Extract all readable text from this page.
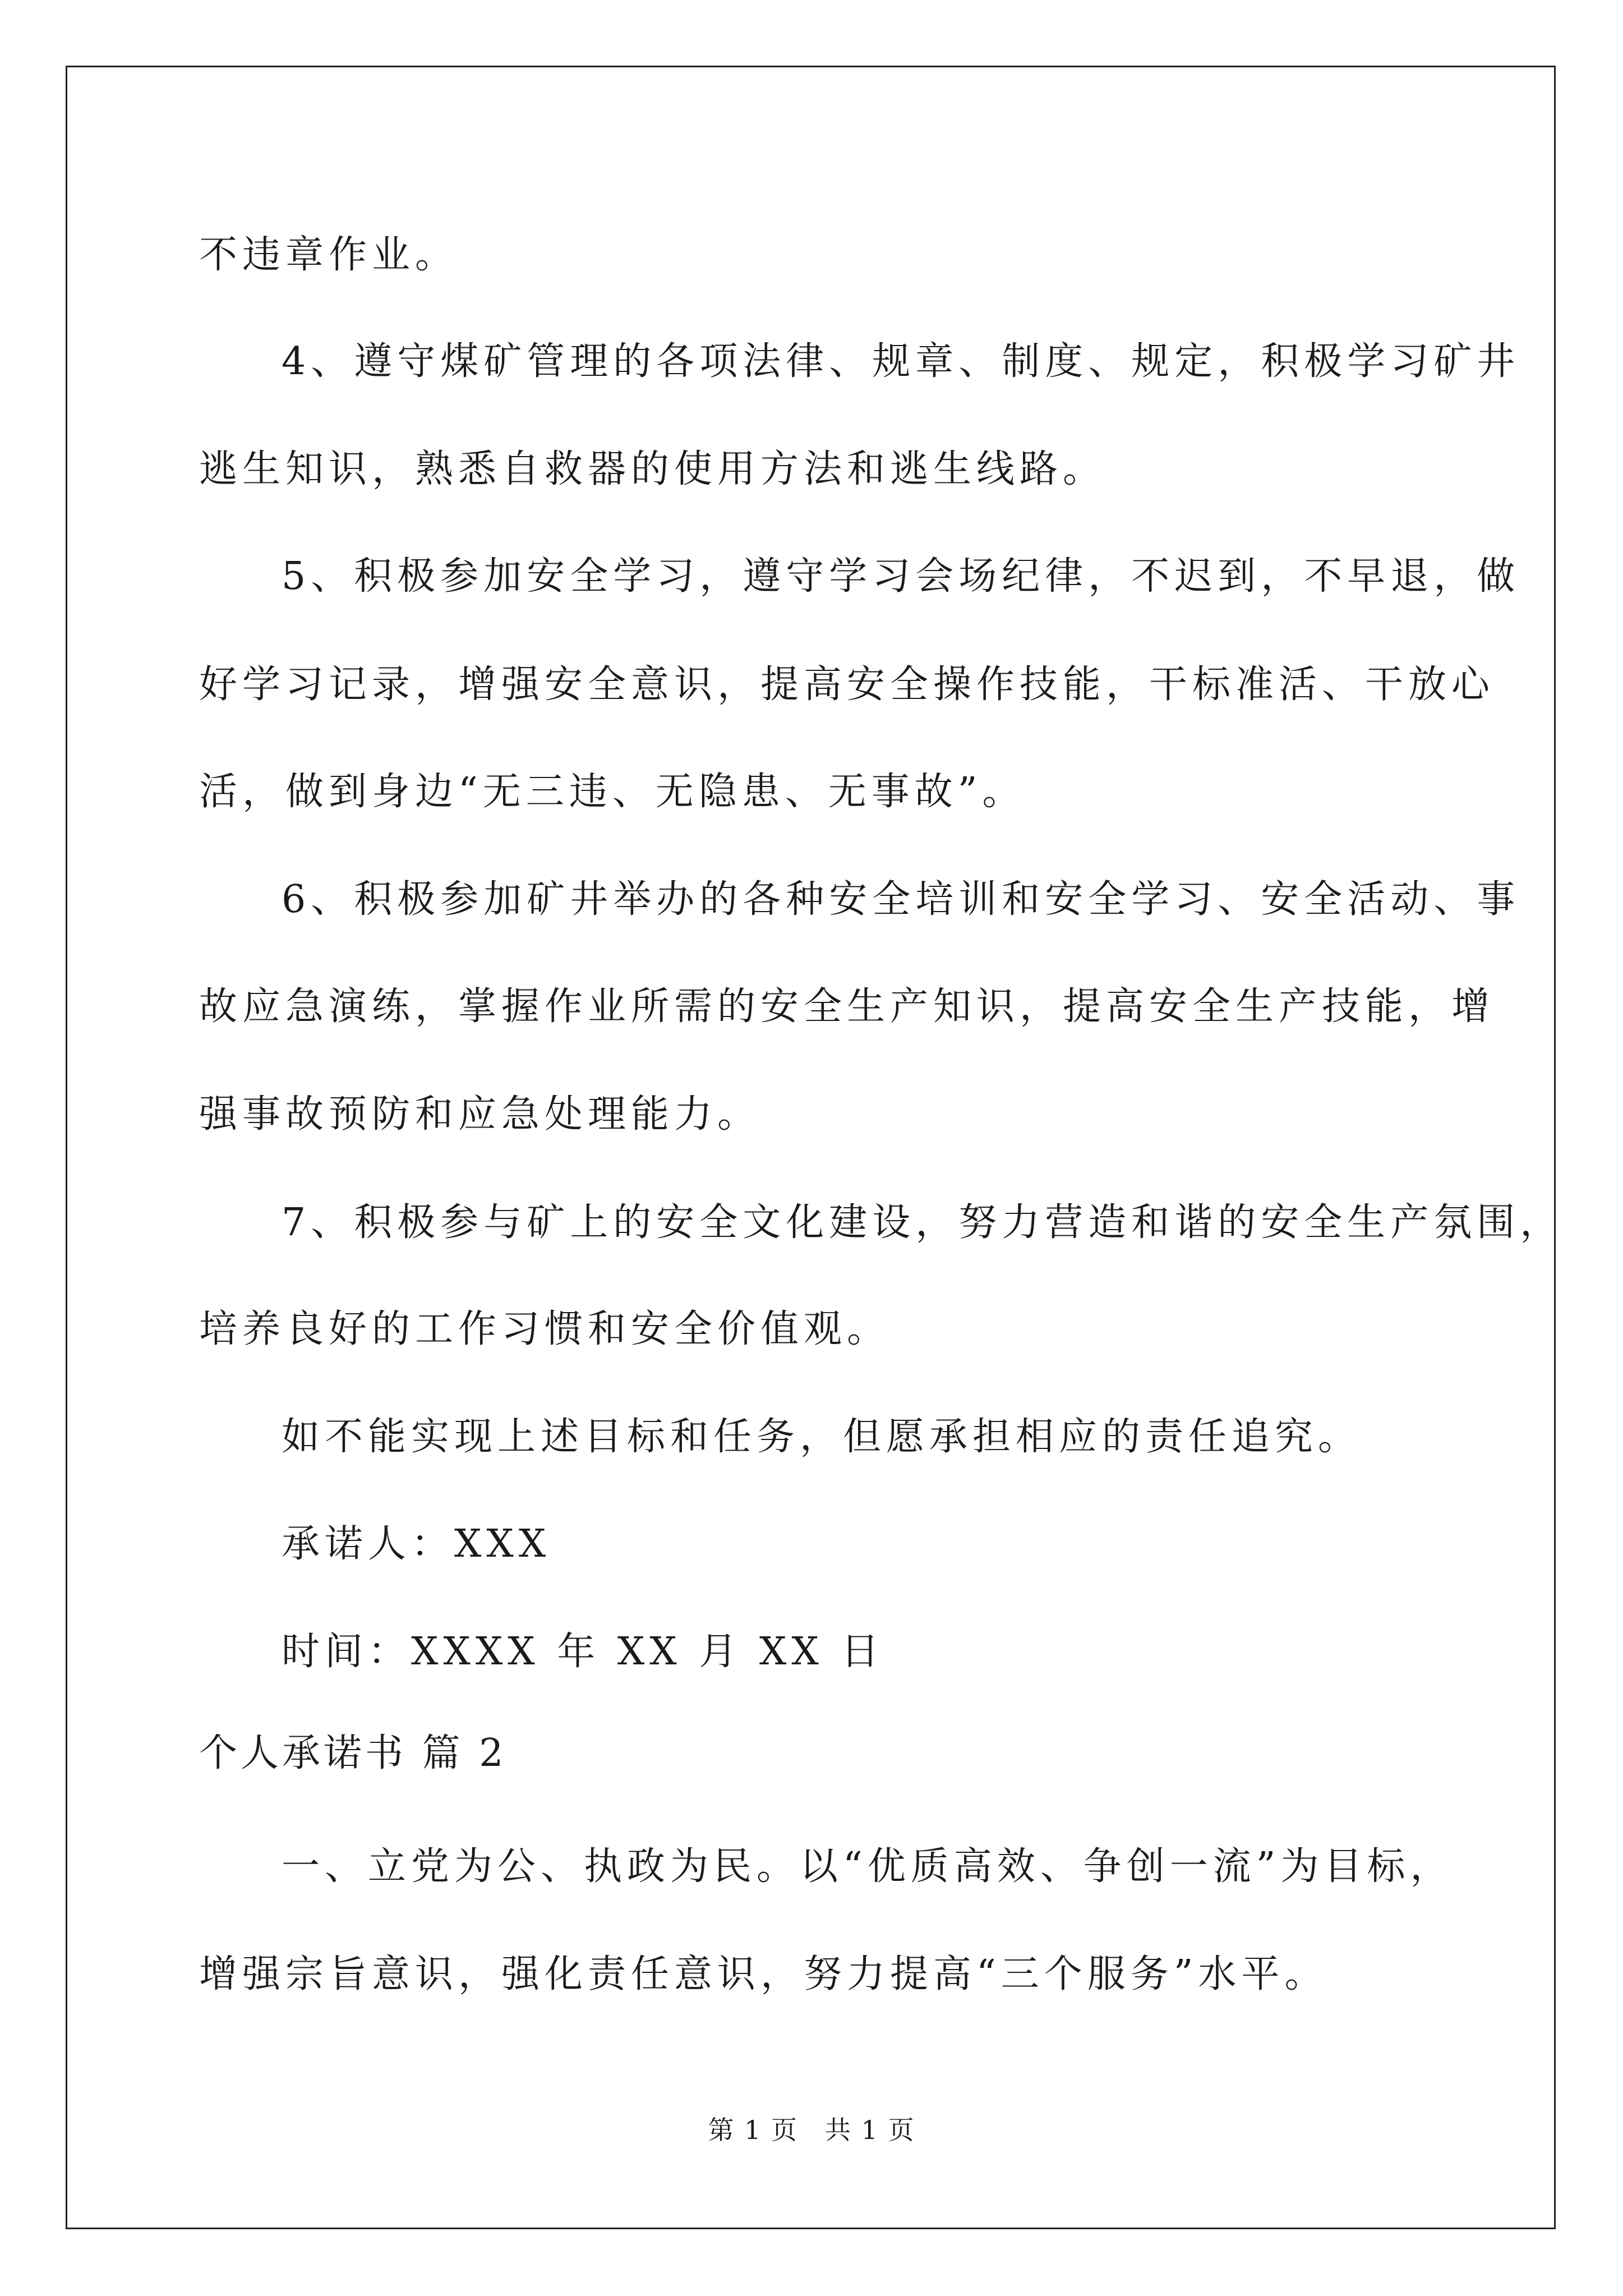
不违章作业。
4、遵守煤矿管理的各项法律、规章、制度、规定，积极学习矿井
逃生知识，熟悉自救器的使用方法和逃生线路。
5、积极参加安全学习，遵守学习会场纪律，不迟到，不早退，做
好学习记录，增强安全意识，提高安全操作技能，干标准活、干放心
活，做到身边“无三违、无隐患、无事故”。
6、积极参加矿井举办的各种安全培训和安全学习、安全活动、事
故应急演练，掌握作业所需的安全生产知识，提高安全生产技能，增
强事故预防和应急处理能力。
7、积极参与矿上的安全文化建设，努力营造和谐的安全生产氛围，
培养良好的工作习惯和安全价值观。
如不能实现上述目标和任务，但愿承担相应的责任追究。
承诺人：XXX
时间：XXXX 年 XX 月 XX 日
个人承诺书 篇 2
一、立党为公、执政为民。以“优质高效、争创一流”为目标，
增强宗旨意识，强化责任意识，努力提高“三个服务”水平。
第 1 页　共 1 页
